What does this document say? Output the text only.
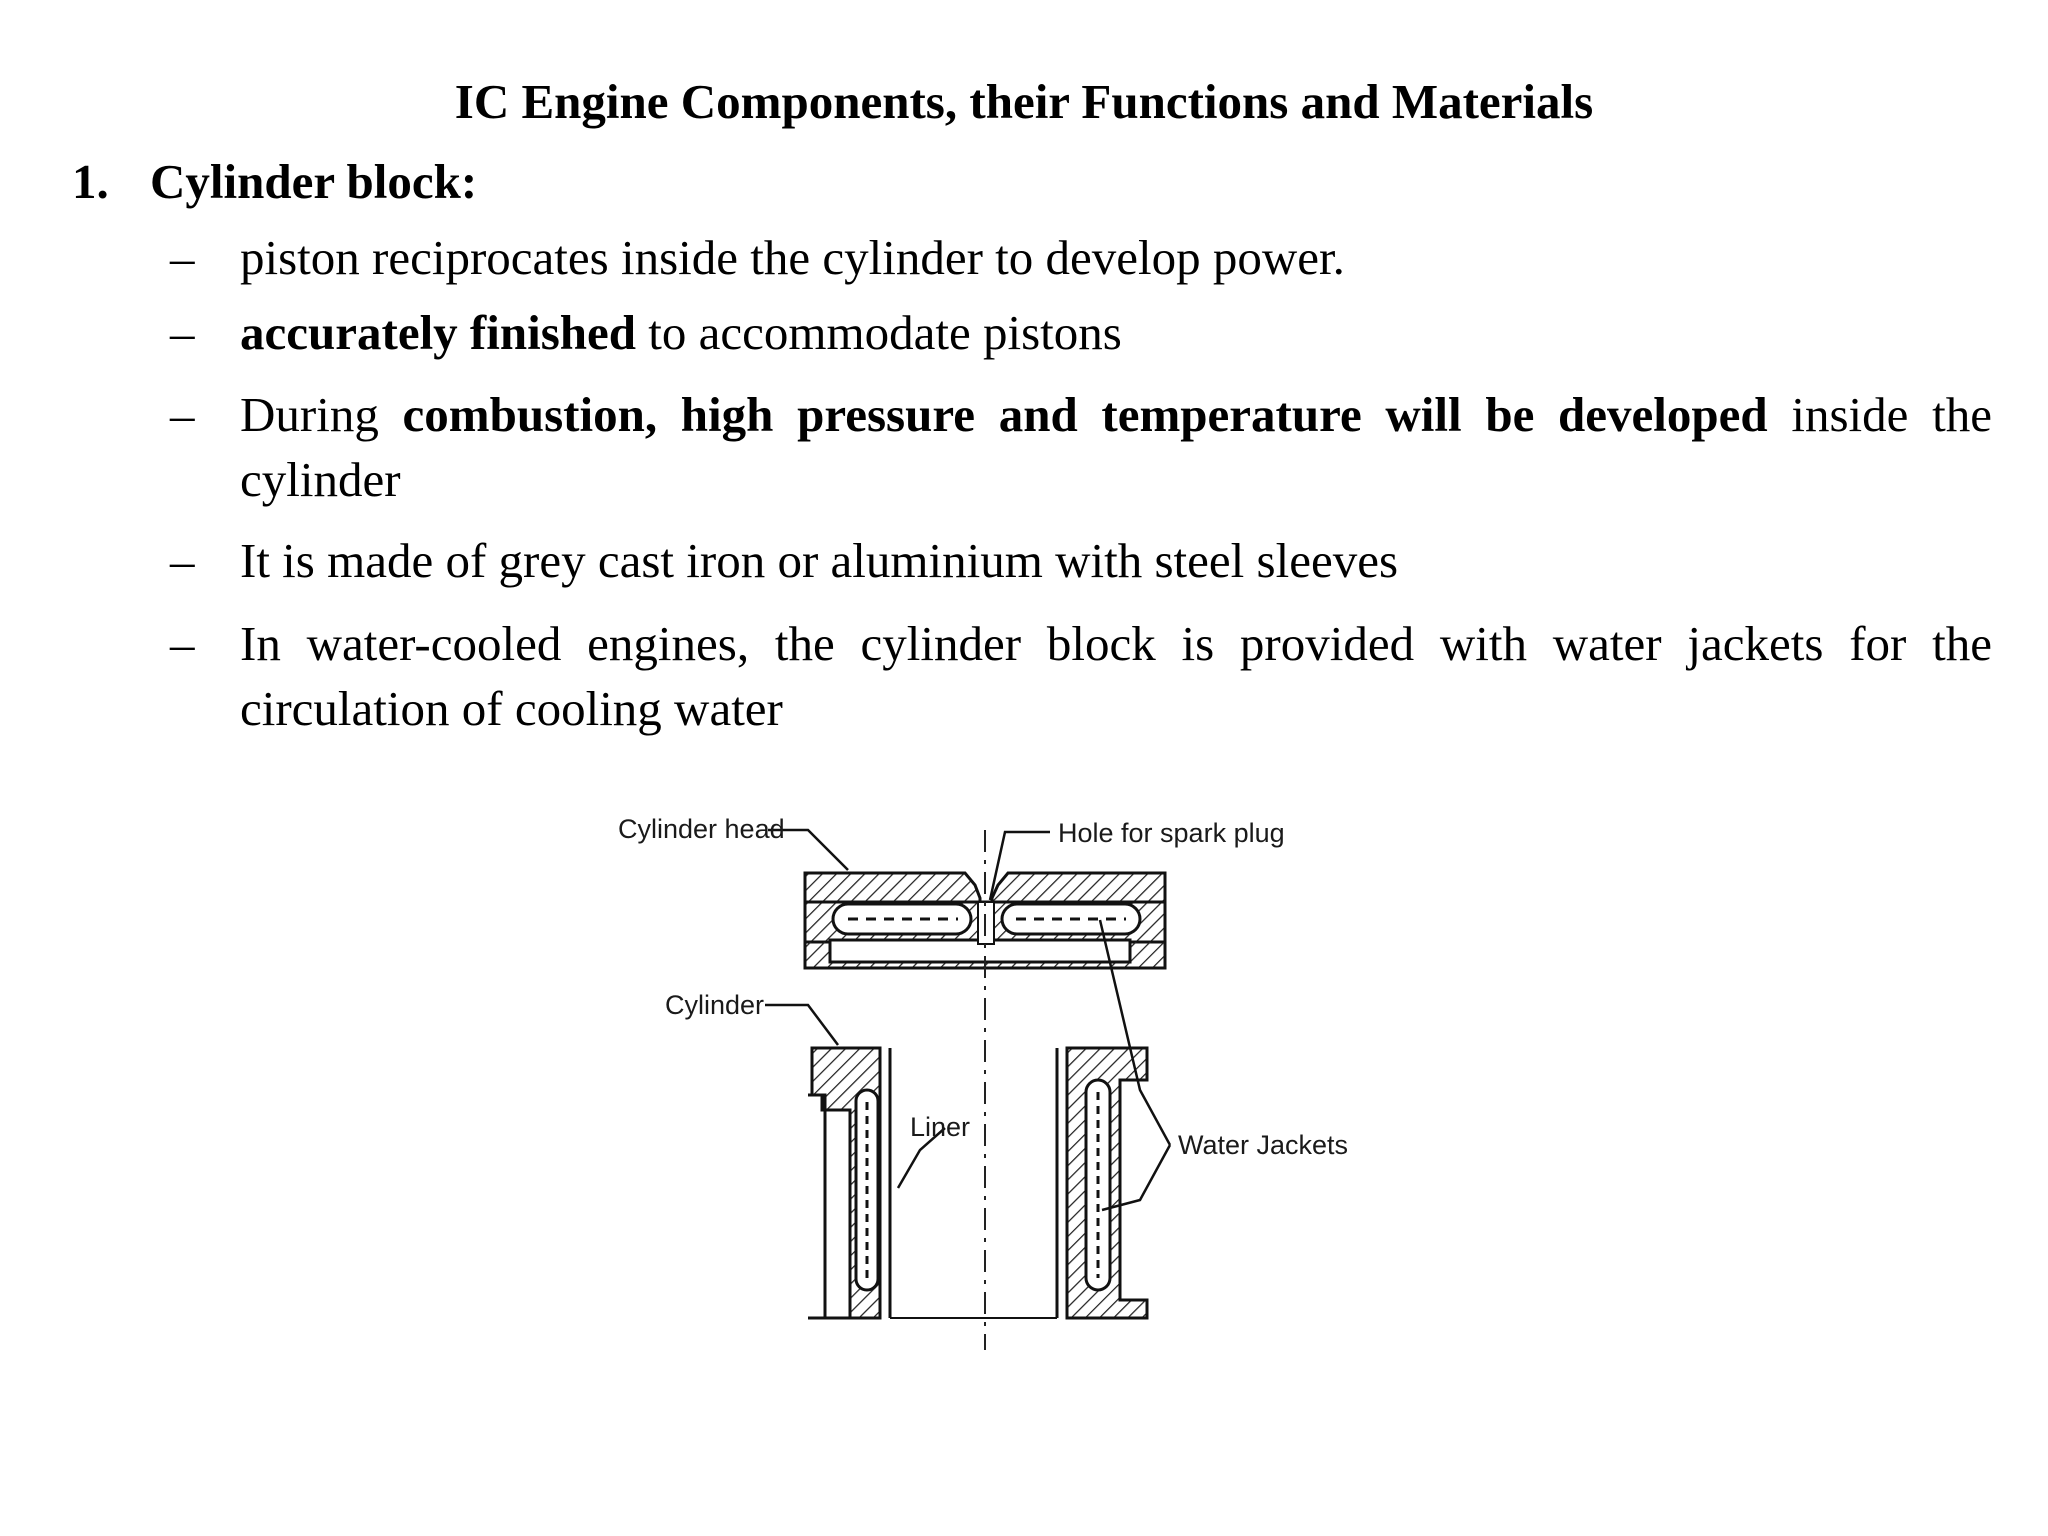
IC Engine Components, their Functions and Materials
1. Cylinder block:
– piston reciprocates inside the cylinder to develop power.
– accurately finished to accommodate pistons
– During combustion, high pressure and temperature will be developed inside the cylinder
– It is made of grey cast iron or aluminium with steel sleeves
– In water-cooled engines, the cylinder block is provided with water jackets for the circulation of cooling water
Cylinder head	Hole for spark plug
Cylinder
Liner
Water Jackets
